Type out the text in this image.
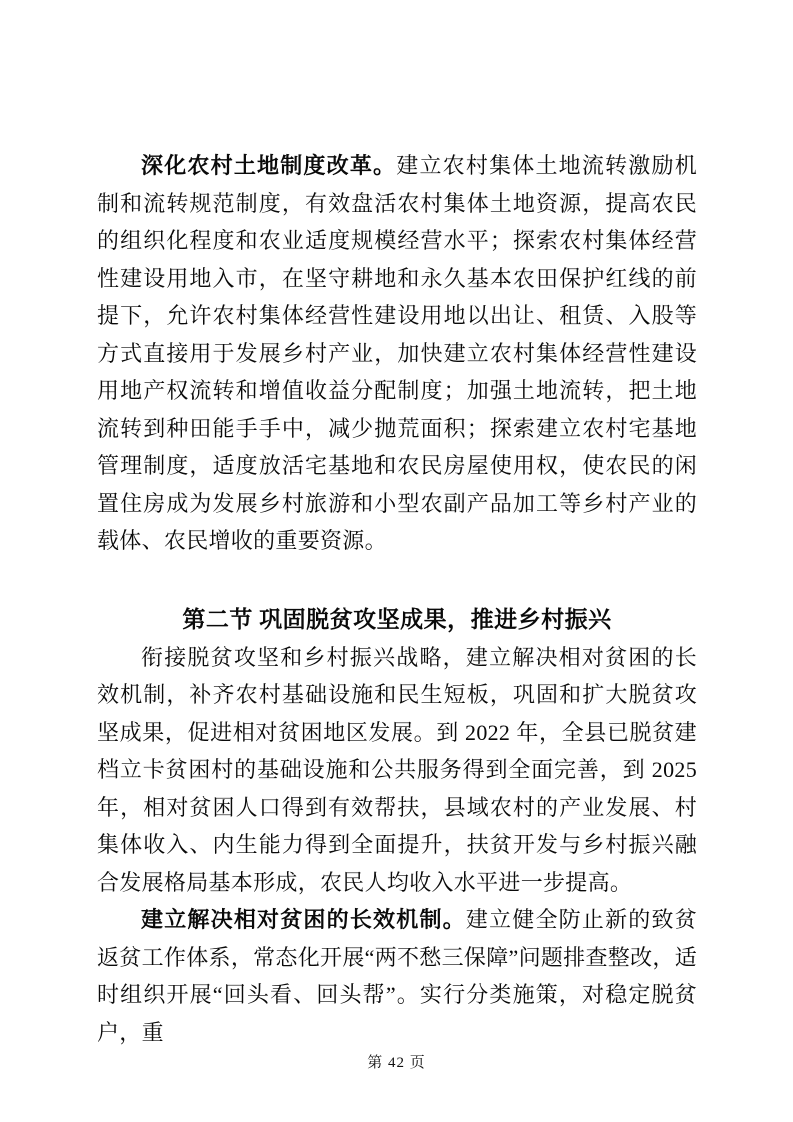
深化农村土地制度改革。建立农村集体土地流转激励机制和流转规范制度，有效盘活农村集体土地资源，提高农民的组织化程度和农业适度规模经营水平；探索农村集体经营性建设用地入市，在坚守耕地和永久基本农田保护红线的前提下，允许农村集体经营性建设用地以出让、租赁、入股等方式直接用于发展乡村产业，加快建立农村集体经营性建设用地产权流转和增值收益分配制度；加强土地流转，把土地流转到种田能手手中，减少抛荒面积；探索建立农村宅基地管理制度，适度放活宅基地和农民房屋使用权，使农民的闲置住房成为发展乡村旅游和小型农副产品加工等乡村产业的载体、农民增收的重要资源。

第二节 巩固脱贫攻坚成果，推进乡村振兴

衔接脱贫攻坚和乡村振兴战略，建立解决相对贫困的长效机制，补齐农村基础设施和民生短板，巩固和扩大脱贫攻坚成果，促进相对贫困地区发展。到 2022 年，全县已脱贫建档立卡贫困村的基础设施和公共服务得到全面完善，到 2025 年，相对贫困人口得到有效帮扶，县域农村的产业发展、村集体收入、内生能力得到全面提升，扶贫开发与乡村振兴融合发展格局基本形成，农民人均收入水平进一步提高。

建立解决相对贫困的长效机制。建立健全防止新的致贫返贫工作体系，常态化开展“两不愁三保障”问题排查整改，适时组织开展“回头看、回头帮”。实行分类施策，对稳定脱贫户，重

第 42 页
